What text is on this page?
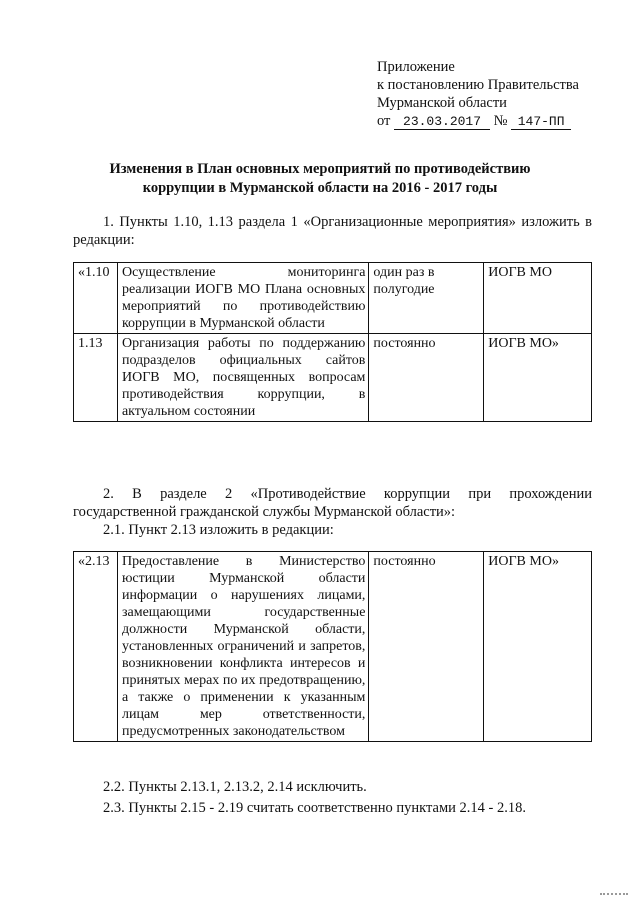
Приложение
к постановлению Правительства
Мурманской области
от 23.03.2017 № 147-ПП
Изменения в План основных мероприятий по противодействию
коррупции в Мурманской области на 2016 - 2017 годы
1. Пункты 1.10, 1.13 раздела 1 «Организационные мероприятия» изложить в редакции:
«1.10	Осуществление мониторинга реализации ИОГВ МО Плана основных мероприятий по противодействию коррупции в Мурманской области	один раз в полугодие	ИОГВ МО
1.13	Организация работы по поддержанию подразделов официальных сайтов ИОГВ МО, посвященных вопросам противодействия коррупции, в актуальном состоянии	постоянно	ИОГВ МО»
2. В разделе 2 «Противодействие коррупции при прохождении государственной гражданской службы Мурманской области»:
2.1. Пункт 2.13 изложить в редакции:
«2.13	Предоставление в Министерство юстиции Мурманской области информации о нарушениях лицами, замещающими государственные должности Мурманской области, установленных ограничений и запретов, возникновении конфликта интересов и принятых мерах по их предотвращению, а также о применении к указанным лицам мер ответственности, предусмотренных законодательством	постоянно	ИОГВ МО»
2.2. Пункты 2.13.1, 2.13.2, 2.14 исключить.
2.3. Пункты 2.15 - 2.19 считать соответственно пунктами 2.14 - 2.18.
